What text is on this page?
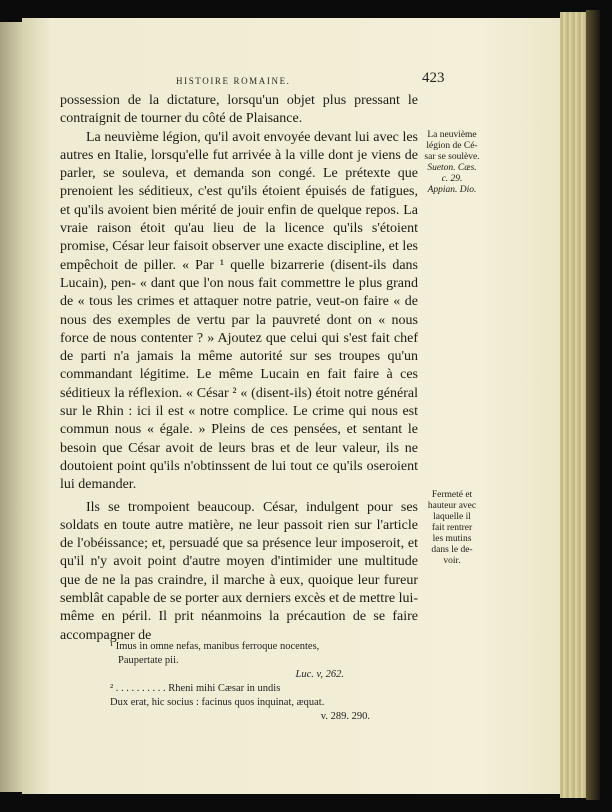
HISTOIRE ROMAINE.	423

possession de la dictature, lorsqu'un objet plus pressant le contraignit de tourner du côté de Plaisance.

La neuvième légion, qu'il avoit envoyée devant lui avec les autres en Italie, lorsqu'elle fut arrivée à la ville dont je viens de parler, se souleva, et demanda son congé. Le prétexte que prenoient les séditieux, c'est qu'ils étoient épuisés de fatigues, et qu'ils avoient bien mérité de jouir enfin de quelque repos. La vraie raison étoit qu'au lieu de la licence qu'ils s'étoient promise, César leur faisoit observer une exacte discipline, et les empêchoit de piller. « Par ¹ quelle bizarrerie (disent-ils dans Lucain), pen- « dant que l'on nous fait commettre le plus grand de « tous les crimes et attaquer notre patrie, veut-on faire « de nous des exemples de vertu par la pauvreté dont on « nous force de nous contenter ? » Ajoutez que celui qui s'est fait chef de parti n'a jamais la même autorité sur ses troupes qu'un commandant légitime. Le même Lucain en fait faire à ces séditieux la réflexion. « César ² « (disent-ils) étoit notre général sur le Rhin : ici il est « notre complice. Le crime qui nous est commun nous « égale. » Pleins de ces pensées, et sentant le besoin que César avoit de leurs bras et de leur valeur, ils ne doutoient point qu'ils n'obtinssent de lui tout ce qu'ils oseroient lui demander.

Ils se trompoient beaucoup. César, indulgent pour ses soldats en toute autre matière, ne leur passoit rien sur l'article de l'obéissance; et, persuadé que sa présence leur imposeroit, et qu'il n'y avoit point d'autre moyen d'intimider une multitude que de ne la pas craindre, il marche à eux, quoique leur fureur semblât capable de se porter aux derniers excès et de mettre lui-même en péril. Il prit néanmoins la précaution de se faire accompagner de

La neuvième
légion de Cé-
sar se soulève.
Sueton. Cæs.
c. 29.
Appian. Dio.
Fermeté et
hauteur avec
laquelle il
fait rentrer
les mutins
dans le de-
voir.
¹ Imus in omne nefas, manibus ferroque nocentes,
Paupertate pii.
Luc. v, 262.
² . . . . . . . . . . Rheni mihi Cæsar in undis
Dux erat, hic socius : facinus quos inquinat, æquat.
v. 289. 290.
